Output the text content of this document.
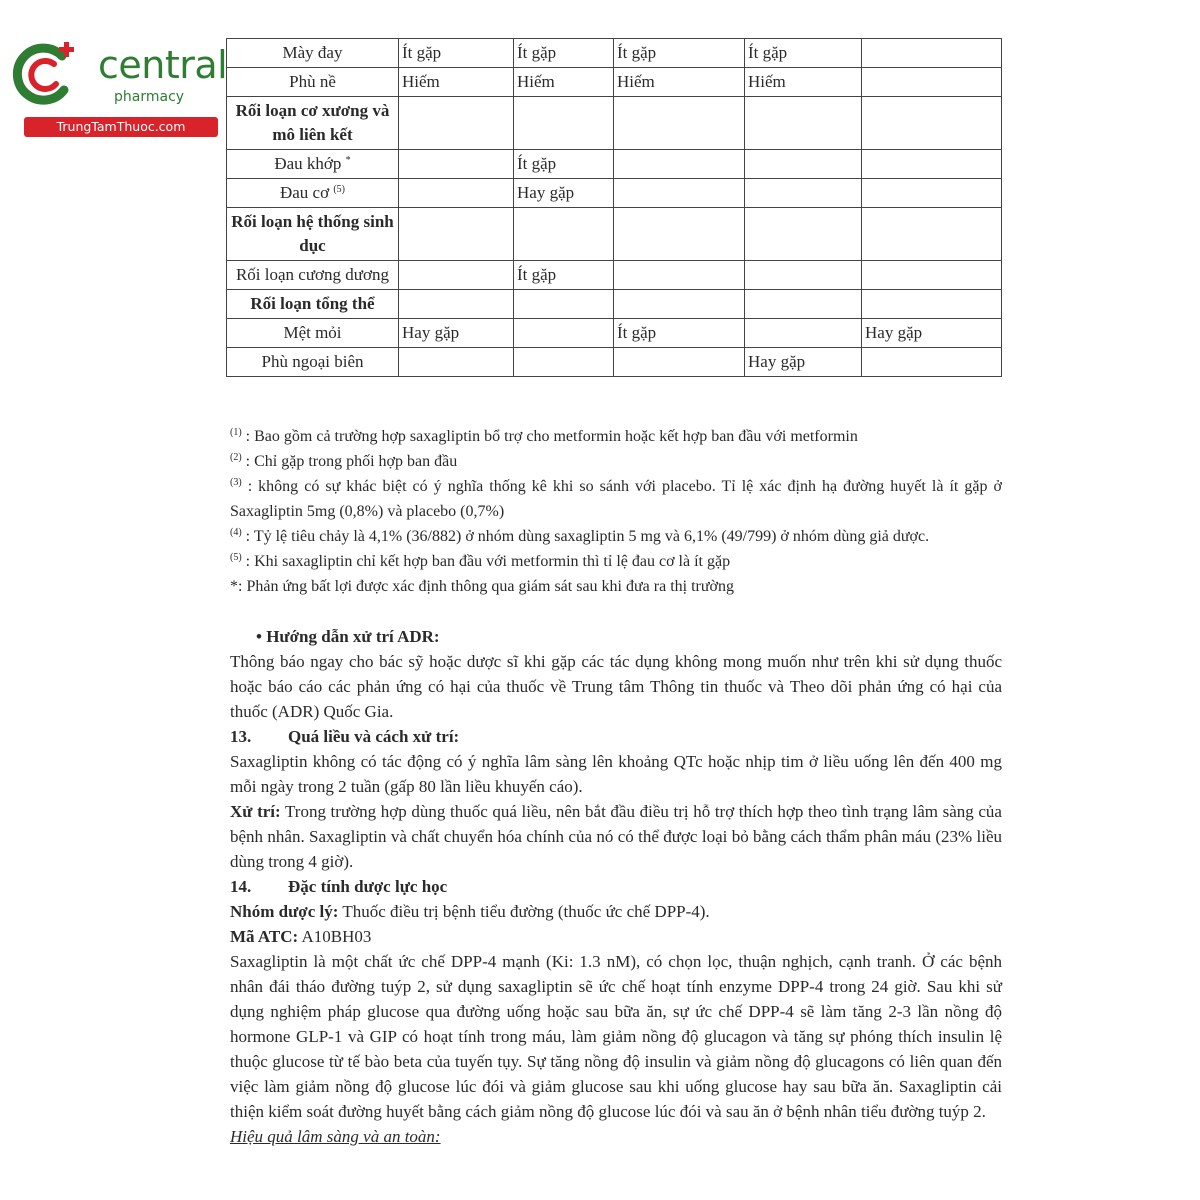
central
pharmacy
TrungTamThuoc.com
Mày đay	Ít gặp	Ít gặp	Ít gặp	Ít gặp	
Phù nề	Hiếm	Hiếm	Hiếm	Hiếm	
Rối loạn cơ xương và mô liên kết					
Đau khớp *		Ít gặp			
Đau cơ $^{(5)}$		Hay gặp			
Rối loạn hệ thống sinh dục					
Rối loạn cương dương		Ít gặp			
Rối loạn tổng thể					
Mệt mỏi	Hay gặp		Ít gặp		Hay gặp
Phù ngoại biên				Hay gặp	

$^{(1)}$ : Bao gồm cả trường hợp saxagliptin bổ trợ cho metformin hoặc kết hợp ban đầu với metformin

$^{(2)}$ : Chỉ gặp trong phối hợp ban đầu

$^{(3)}$ : không có sự khác biệt có ý nghĩa thống kê khi so sánh với placebo. Tỉ lệ xác định hạ đường huyết là ít gặp ở Saxagliptin 5mg (0,8%) và placebo (0,7%)

$^{(4)}$ : Tỷ lệ tiêu chảy là 4,1% (36/882) ở nhóm dùng saxagliptin 5 mg và 6,1% (49/799) ở nhóm dùng giả dược.

$^{(5)}$ : Khi saxagliptin chỉ kết hợp ban đầu với metformin thì tỉ lệ đau cơ là ít gặp

*: Phản ứng bất lợi được xác định thông qua giám sát sau khi đưa ra thị trường

• Hướng dẫn xử trí ADR:

Thông báo ngay cho bác sỹ hoặc dược sĩ khi gặp các tác dụng không mong muốn như trên khi sử dụng thuốc hoặc báo cáo các phản ứng có hại của thuốc về Trung tâm Thông tin thuốc và Theo dõi phản ứng có hại của thuốc (ADR) Quốc Gia.

13. Quá liều và cách xử trí:

Saxagliptin không có tác động có ý nghĩa lâm sàng lên khoảng QTc hoặc nhịp tim ở liều uống lên đến 400 mg mỗi ngày trong 2 tuần (gấp 80 lần liều khuyến cáo).

Xử trí: Trong trường hợp dùng thuốc quá liều, nên bắt đầu điều trị hỗ trợ thích hợp theo tình trạng lâm sàng của bệnh nhân. Saxagliptin và chất chuyển hóa chính của nó có thể được loại bỏ bằng cách thẩm phân máu (23% liều dùng trong 4 giờ).

14. Đặc tính dược lực học

Nhóm dược lý: Thuốc điều trị bệnh tiểu đường (thuốc ức chế DPP-4).

Mã ATC: A10BH03

Saxagliptin là một chất ức chế DPP-4 mạnh (Ki: 1.3 nM), có chọn lọc, thuận nghịch, cạnh tranh. Ở các bệnh nhân đái tháo đường tuýp 2, sử dụng saxagliptin sẽ ức chế hoạt tính enzyme DPP-4 trong 24 giờ. Sau khi sử dụng nghiệm pháp glucose qua đường uống hoặc sau bữa ăn, sự ức chế DPP-4 sẽ làm tăng 2-3 lần nồng độ hormone GLP-1 và GIP có hoạt tính trong máu, làm giảm nồng độ glucagon và tăng sự phóng thích insulin lệ thuộc glucose từ tế bào beta của tuyến tụy. Sự tăng nồng độ insulin và giảm nồng độ glucagons có liên quan đến việc làm giảm nồng độ glucose lúc đói và giảm glucose sau khi uống glucose hay sau bữa ăn. Saxagliptin cải thiện kiểm soát đường huyết bằng cách giảm nồng độ glucose lúc đói và sau ăn ở bệnh nhân tiểu đường tuýp 2.

Hiệu quả lâm sàng và an toàn:
